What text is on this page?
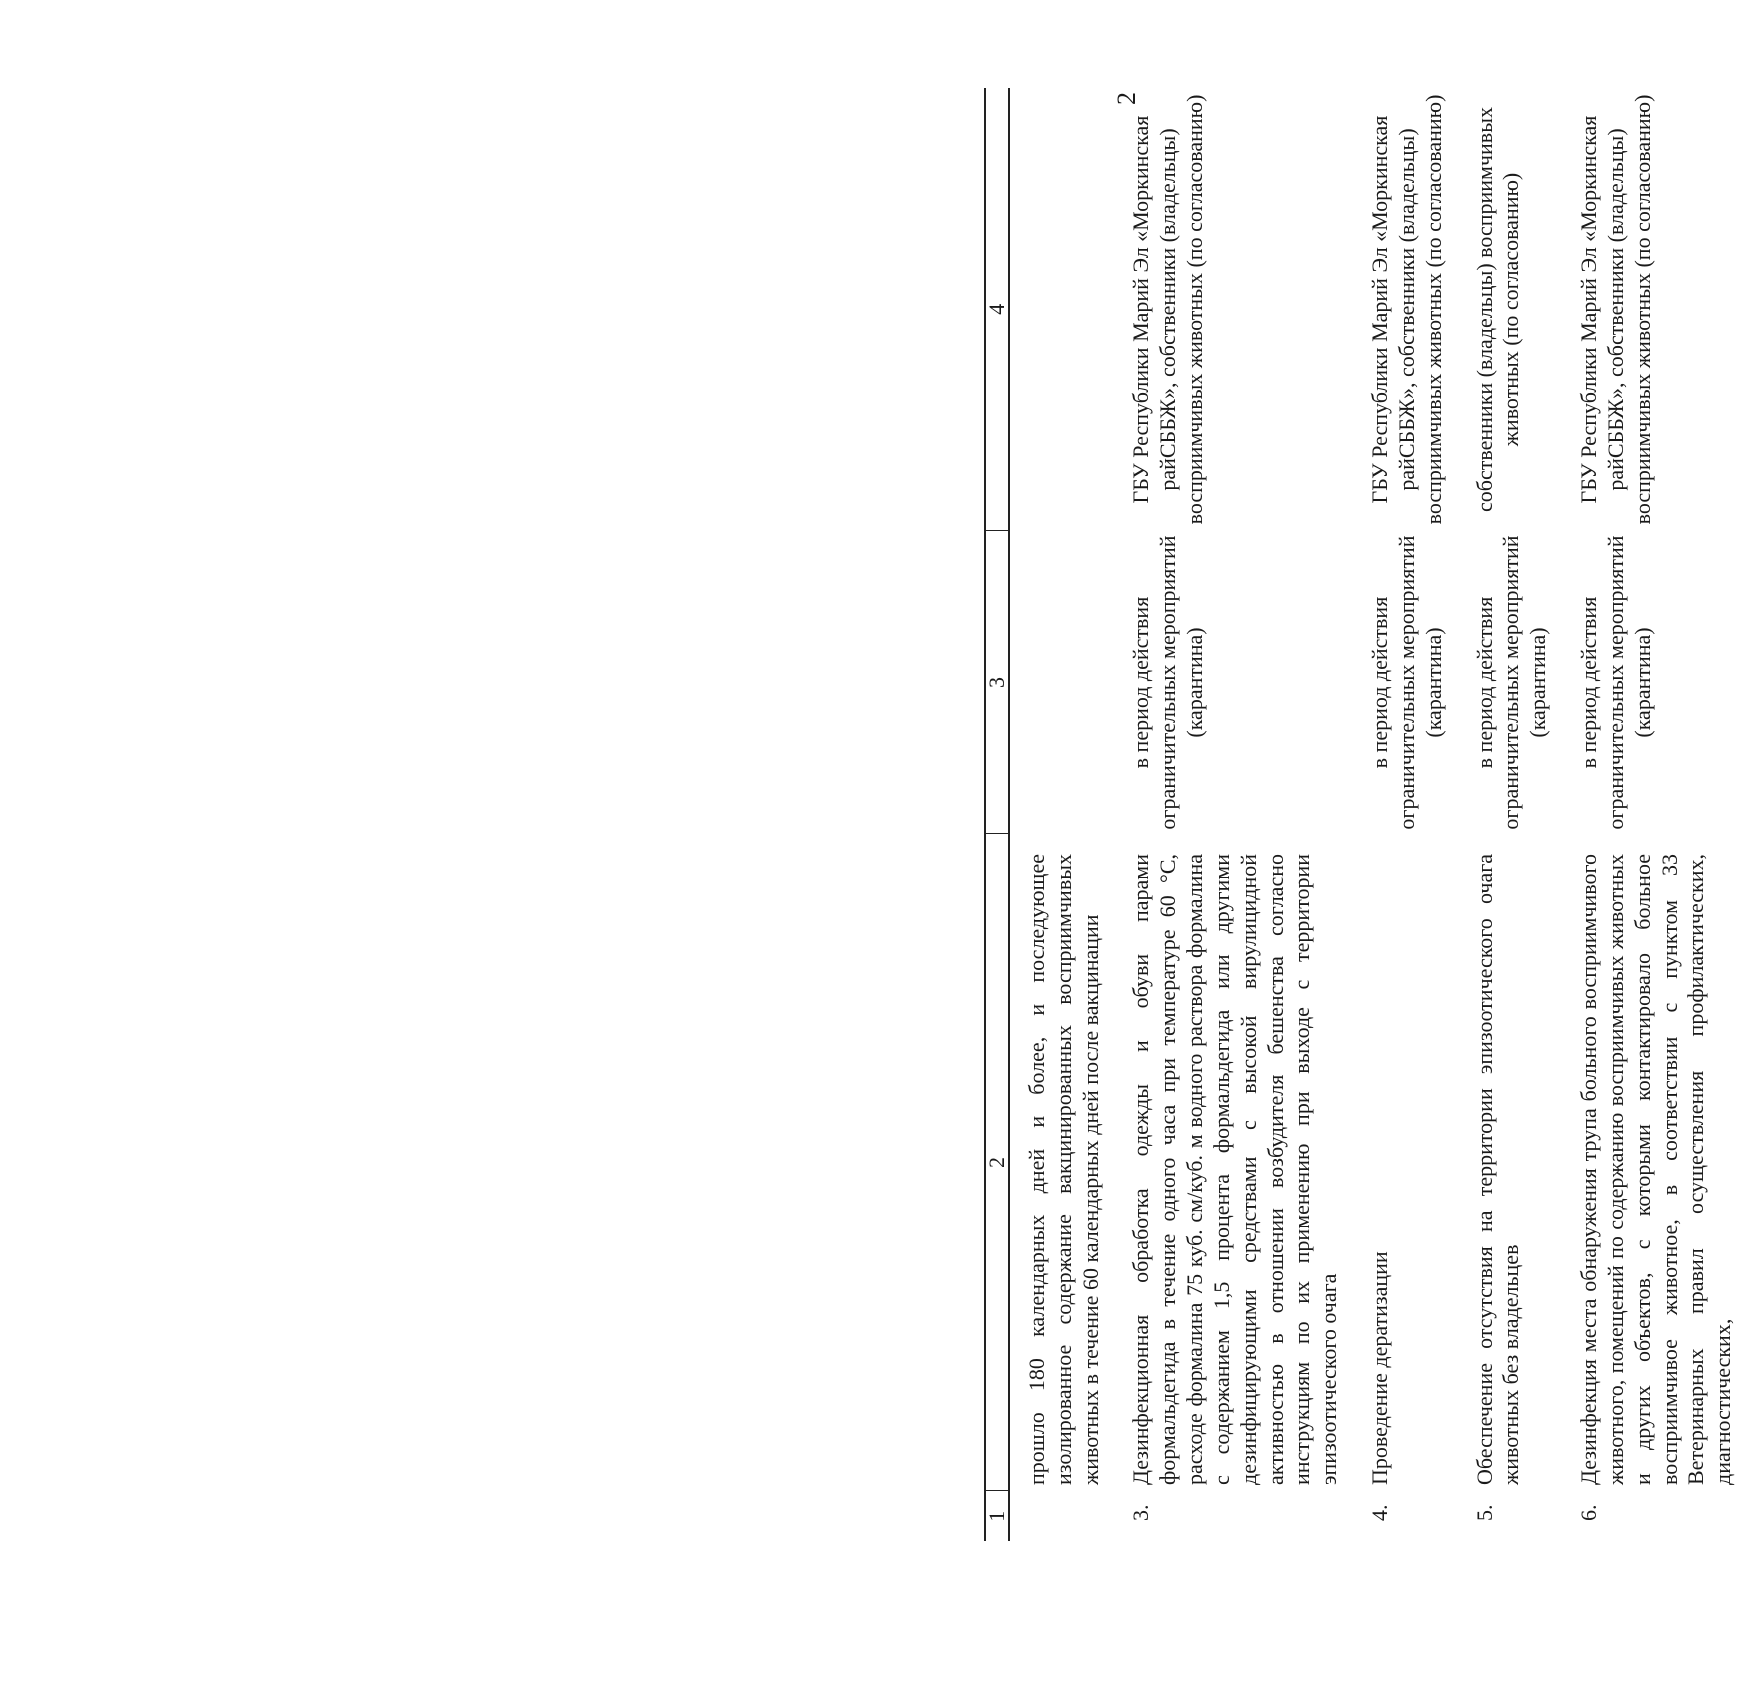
2
1	2	3	4
	прошло 180 календарных дней и более, и последующее изолированное содержание вакцинированных восприимчивых животных в течение 60 календарных дней после вакцинации		
3.	Дезинфекционная обработка одежды и обуви парами формальдегида в течение одного часа при температуре 60 °С, расходе формалина 75 куб. см/куб. м водного раствора формалина с содержанием 1,5 процента формальдегида или другими дезинфицирующими средствами с высокой вирулицидной активностью в отношении возбудителя бешенства согласно инструкциям по их применению при выходе с территории эпизоотического очага	в период действия ограничительных мероприятий (карантина)	ГБУ Республики Марий Эл «Моркинская райСББЖ», собственники (владельцы) восприимчивых животных (по согласованию)
4.	Проведение дератизации	в период действия ограничительных мероприятий (карантина)	ГБУ Республики Марий Эл «Моркинская райСББЖ», собственники (владельцы) восприимчивых животных (по согласованию)
5.	Обеспечение отсутствия на территории эпизоотического очага животных без владельцев	в период действия ограничительных мероприятий (карантина)	собственники (владельцы) восприимчивых животных (по согласованию)
6.	Дезинфекция места обнаружения трупа больного восприимчивого животного, помещений по содержанию восприимчивых животных и других объектов, с которыми контактировало больное восприимчивое животное, в соответствии с пунктом 33 Ветеринарных правил осуществления профилактических, диагностических,	в период действия ограничительных мероприятий (карантина)	ГБУ Республики Марий Эл «Моркинская райСББЖ», собственники (владельцы) восприимчивых животных (по согласованию)
